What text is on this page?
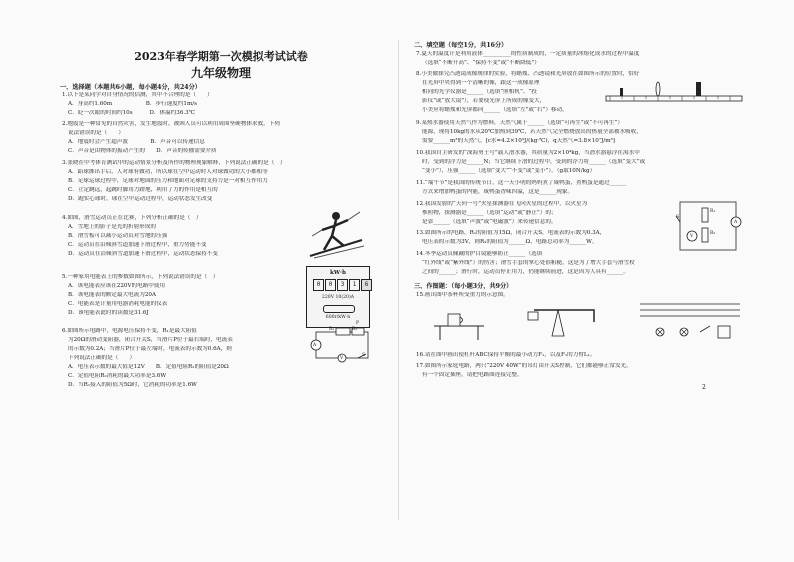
2023年春学期第一次模拟考试试卷
九年级物理
一、选择题（本题共6小题，每小题4分，共24分）
1.以下是某同学对自身情况的估测，其中不合理的是（　　）
A．身高约1.60m　　　　　　B．步行速度约1m/s
C．眨一次眼的时间约10s　　　D．体温约36.3℃
2.地震是一种常见的自然灾害，发生地震时，被困人员可以利用周围坚硬物体求救，下列
说法错误的是（　　）
A．地震时会产生超声波　　　　B．声音可以传递信息
C．声音是由物体的振动产生的　　D．声音的传播需要介质
3.张晓在中考体育测试中的运动情景分析及所作的物理现象解释，下列说法正确的是（　）
A．鉛球掷出手后，人对球有做功，所以球在空中运动时人对球做功的大小都相等
B．足球运球过程中，足球对地面的压力和地面对足球的支持力是一对相互作用力
C．立定跳远，起跳时脚用力蹬地，利用了力的作用是相互的
D．跑实心球时，球在空中运动过程中，运动状态发生改变
4.如图，滑雪运动员正在比赛，下列分析正确的是（　）
A．雪地上的影子是光的折射形成的
B．滑雪板可以减小运动员对雪地的压强
C．运动员在沿倾斜雪道加速下滑过程中，重力势能不变
D．运动员在沿倾斜雪道加速下滑过程中，运动状态保持不变
5.一种家用电能表上的参数如图所示，下列说法错误的是（　）
A．该电能表应该在220V的电路中使用
B．该电能表的额定最大电流为20A
C．电能表是计量用电器消耗电能的仪表
D．该电能表此时的读数是31.6J
6.如图所示电路中，电源电压保持不变，R₁是最大阻值
为20Ω的滑动变阻器，闭合开关S，当滑片P位于最右端时，电流表
的示数为0.2A；当滑片P位于最左端时，电流表的示数为0.6A，则
下列说法正确的是（　　）
A．电压表示数的最大值是12V　　B．定值电阻R₂的阻值是20Ω
C．定值电阻R₂消耗的最大功率是3.6W
D．当R₁接入的阻值为5Ω时，它消耗的功率是1.6W
kW·h
0	0	3	1	6
220V 10(20)A
600r/kW·h
R₂	R₁
P
A
V
S
二、填空题（每空1分，共16分）
7.夏天的温度计是利用液体__________的性质制成的，一定质量的冰熔化成水的过程中温度
（选填“不断升高”、“保持不变”或“不断降低”）
8.小美做探究凸透镜成像规律的实验，将蜡烛、凸透镜和光屏放在如图所示的位置时，恰好
在光屏中央得到一个清晰的像，跟这一成像原理
相同的光学仪器是______（选填“照相机”、“投
影仪”或“放大镜”），若要使光屏上所成的像变大，
小美应将蜡烛和光屏都向______（选填“左”或“右”）移动。
9.某热水器使用天然气作为燃料，天然气属于______（选填“可再生”或“不可再生”）
能源，现将10kg的水从20℃加热到39℃，若天然气完全燃烧放出的热量全部被水吸收，
需要______m³的天然气。[c水=4.2×10³J/(kg·℃)，q天然气=3.8×10⁷J/m³]
10.我国自主研发的“深海勇士号”载人潜水器，其质量为2×10⁴kg，当潜水器悬浮在海水中
时，受到的浮力是______N；当它继续下潜的过程中，受到的浮力将______（选填“变大”或
“变小”），压强______（选填“变大”“不变”或“变小”）。（g取10N/kg）
11.“端午节”是我国的传统节日，这一天小明的妈妈煮了咸鸭蛋，煮鸭蛋是通过______
方式来增加鸭蛋的内能，咸鸭蛋香味四溢，这是______现象。
12.我国发射的“天问一号”火星探测器在飞向火星的过程中，以火星为
参照物，探测器是______（选填“运动”或“静止”）的；
是靠______（选填“声波”或“电磁波”）来传递信息的。
13.如图所示的电路，R₁的阻值为15Ω，闭合开关S，电流表的示数为0.3A，
电压表的示数为3V，则R₂的阻值为______Ω，电路总功率为______W。
14.冬季运动员佩戴的护目镜能够防止______（选填
“红外线”或“紫外线”）的伤害；滑雪手套的掌心处很粗糙，这是为了增大手套与滑雪杖
之间的______；滑行时，运动员停止用力，仍能继续前进，这是因为人具有______。
R₁
A
V
R₂
S
三、作图题：（每小题3分，共9分）
15.画出图中茶杯所受重力的示意图。
16.请在图中画出使杠杆ABC保持平衡的最小动力F₁，以及F₁的力臂L₁。
17.如图所示家庭电路，两只“220V 40W”的吊灯由开关S控制，它们都能够正常发光，
有一个固定插座，请把电路图连接完整。
2
